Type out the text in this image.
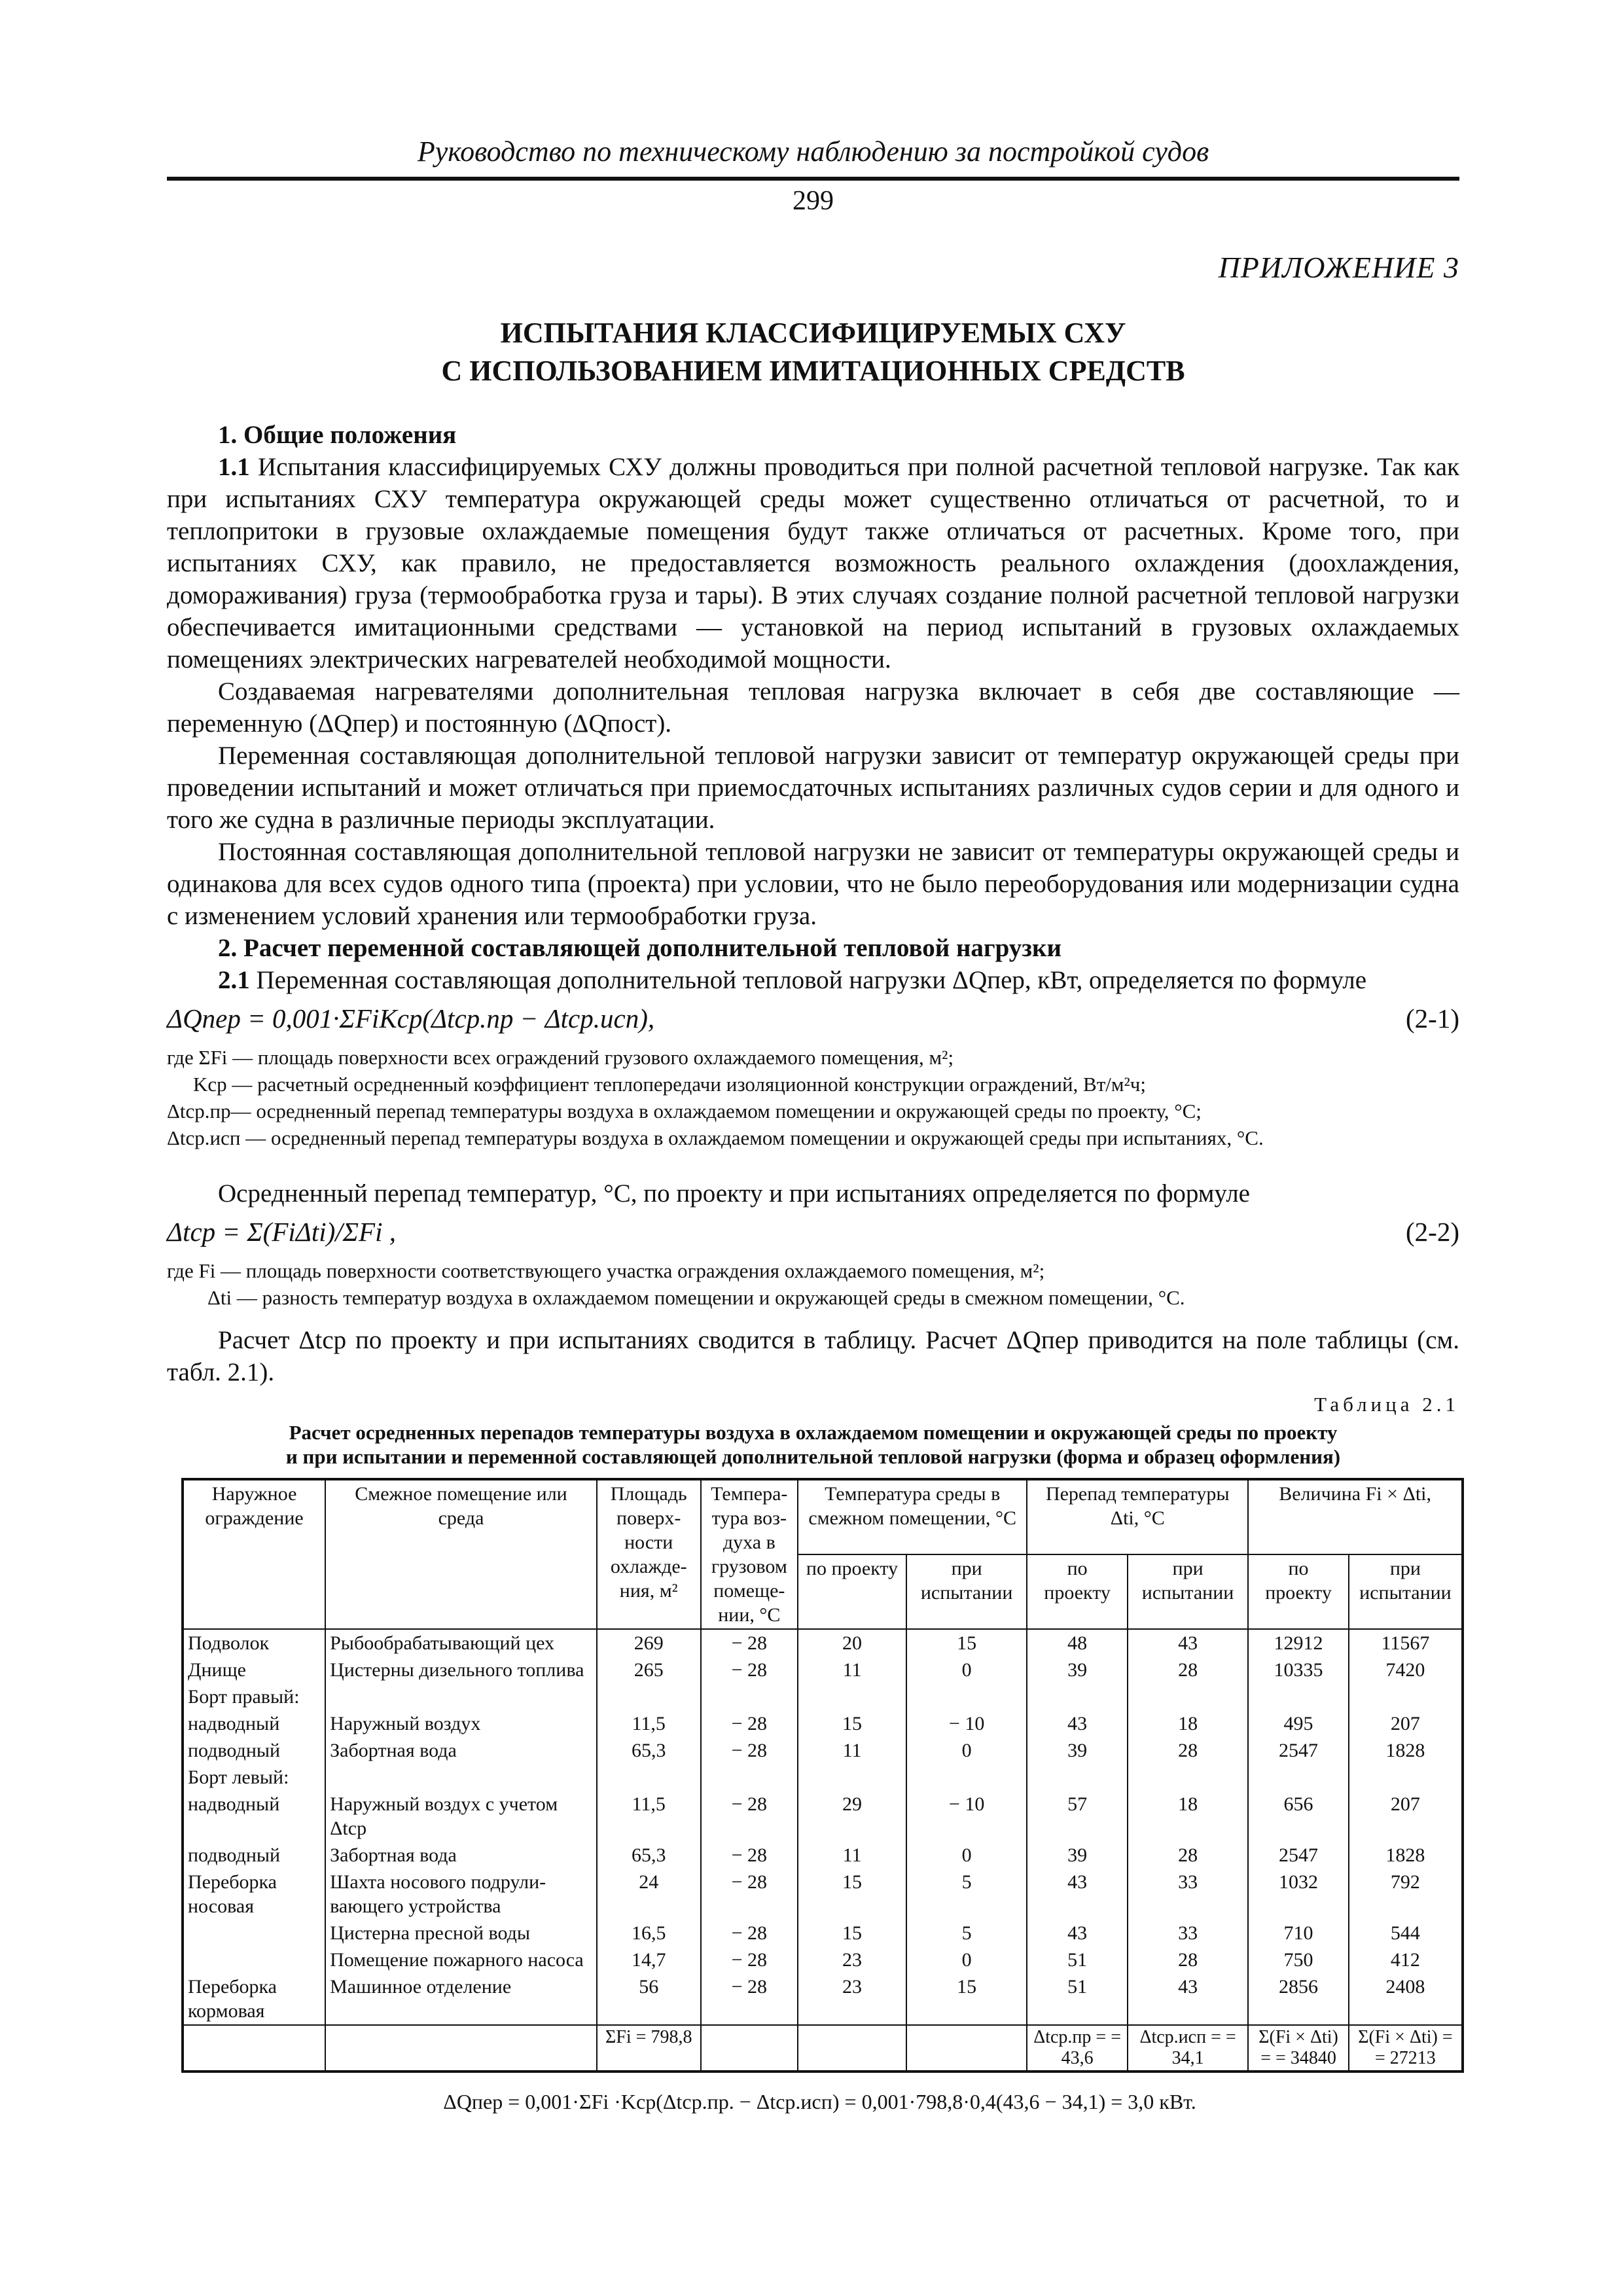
Руководство по техническому наблюдению за постройкой судов
299
ПРИЛОЖЕНИЕ 3
ИСПЫТАНИЯ КЛАССИФИЦИРУЕМЫХ СХУ
С ИСПОЛЬЗОВАНИЕМ ИМИТАЦИОННЫХ СРЕДСТВ

1. Общие положения

1.1 Испытания классифицируемых СХУ должны проводиться при полной расчетной тепловой нагрузке. Так как при испытаниях СХУ температура окружающей среды может существенно отличаться от расчетной, то и теплопритоки в грузовые охлаждаемые помещения будут также отличаться от расчетных. Кроме того, при испытаниях СХУ, как правило, не предоставляется возможность реального охлаждения (доохлаждения, домораживания) груза (термообработка груза и тары). В этих случаях создание полной расчетной тепловой нагрузки обеспечивается имитационными средствами — установкой на период испытаний в грузовых охлаждаемых помещениях электрических нагревателей необходимой мощности.

Создаваемая нагревателями дополнительная тепловая нагрузка включает в себя две составляющие — переменную (ΔQпер) и постоянную (ΔQпост).

Переменная составляющая дополнительной тепловой нагрузки зависит от температур окружающей среды при проведении испытаний и может отличаться при приемосдаточных испытаниях различных судов серии и для одного и того же судна в различные периоды эксплуатации.

Постоянная составляющая дополнительной тепловой нагрузки не зависит от температуры окружающей среды и одинакова для всех судов одного типа (проекта) при условии, что не было переоборудования или модернизации судна с изменением условий хранения или термообработки груза.

2. Расчет переменной составляющей дополнительной тепловой нагрузки

2.1 Переменная составляющая дополнительной тепловой нагрузки ΔQпер, кВт, определяется по формуле

ΔQпер = 0,001·ΣFiKср(Δtср.пр − Δtср.исп),	(2-1)
где ΣFi — площадь поверхности всех ограждений грузового охлаждаемого помещения, м²;
Kср — расчетный осредненный коэффициент теплопередачи изоляционной конструкции ограждений, Вт/м²ч;
Δtср.пр— осредненный перепад температуры воздуха в охлаждаемом помещении и окружающей среды по проекту, °С;
Δtср.исп — осредненный перепад температуры воздуха в охлаждаемом помещении и окружающей среды при испытаниях, °С.

Осредненный перепад температур, °С, по проекту и при испытаниях определяется по формуле

Δtср = Σ(FiΔti)/ΣFi ,	(2-2)
где Fi — площадь поверхности соответствующего участка ограждения охлаждаемого помещения, м²;
Δti — разность температур воздуха в охлаждаемом помещении и окружающей среды в смежном помещении, °С.

Расчет Δtср по проекту и при испытаниях сводится в таблицу. Расчет ΔQпер приводится на поле таблицы (см. табл. 2.1).

Таблица 2.1
Расчет осредненных перепадов температуры воздуха в охлаждаемом помещении и окружающей среды по проекту
и при испытании и переменной составляющей дополнительной тепловой нагрузки (форма и образец оформления)
Наружное ограждение	Смежное помещение или среда	Площадь поверх-ности охлажде-ния, м²	Темпера-тура воз-духа в грузовом помеще-нии, °С	Температура среды в смежном помещении, °С		Перепад температуры Δti, °С		Величина Fi × Δti,	
				по проекту	при испытании	по проекту	при испытании	по проекту	при испытании
Подволок	Рыбообрабатывающий цех	269	− 28	20	15	48	43	12912	11567
Днище	Цистерны дизельного топлива	265	− 28	11	0	39	28	10335	7420
Борт правый:									
надводный	Наружный воздух	11,5	− 28	15	− 10	43	18	495	207
подводный	Забортная вода	65,3	− 28	11	0	39	28	2547	1828
Борт левый:									
надводный	Наружный воздух с учетом Δtср	11,5	− 28	29	− 10	57	18	656	207
подводный	Забортная вода	65,3	− 28	11	0	39	28	2547	1828
Переборка носовая	Шахта носового подрули-вающего устройства	24	− 28	15	5	43	33	1032	792
	Цистерна пресной воды	16,5	− 28	15	5	43	33	710	544
	Помещение пожарного насоса	14,7	− 28	23	0	51	28	750	412
Переборка кормовая	Машинное отделение	56	− 28	23	15	51	43	2856	2408
		ΣFi = 798,8				Δtср.пр = = 43,6	Δtср.исп = = 34,1	Σ(Fi × Δti) = = 34840	Σ(Fi × Δti) = = 27213
ΔQпер = 0,001·ΣFi ·Kср(Δtср.пр. − Δtср.исп) = 0,001·798,8·0,4(43,6 − 34,1) = 3,0 кВт.
